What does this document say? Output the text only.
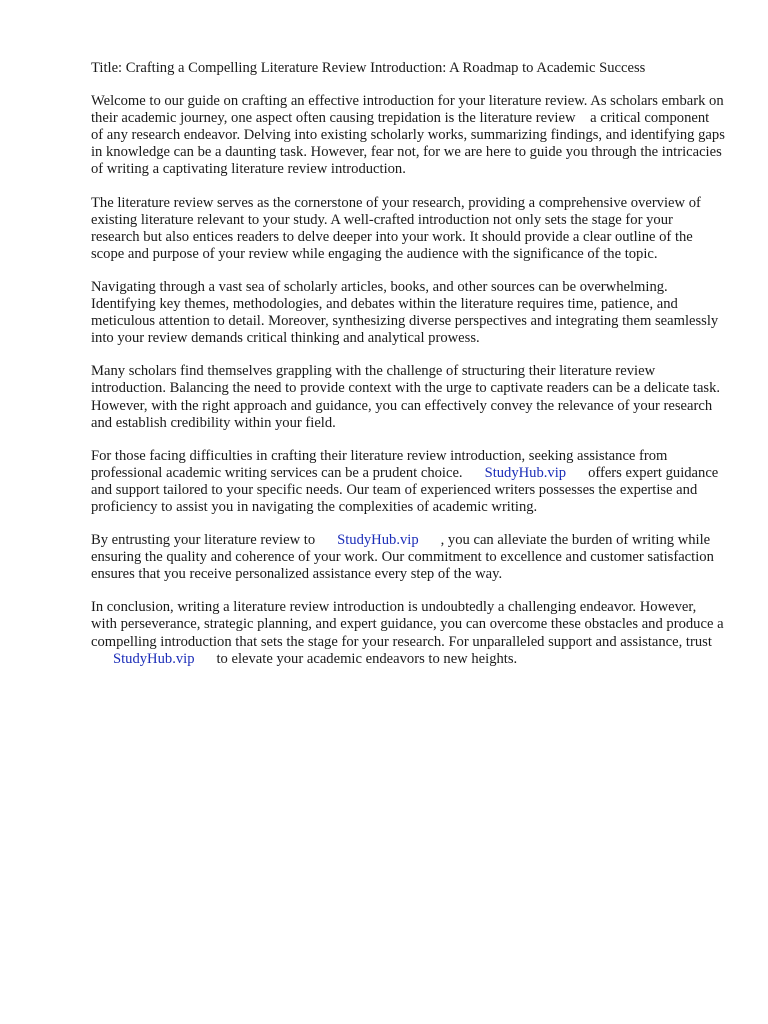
Title: Crafting a Compelling Literature Review Introduction: A Roadmap to Academic Success

Welcome to our guide on crafting an effective introduction for your literature review. As scholars embark on their academic journey, one aspect often causing trepidation is the literature review a critical component of any research endeavor. Delving into existing scholarly works, summarizing findings, and identifying gaps in knowledge can be a daunting task. However, fear not, for we are here to guide you through the intricacies of writing a captivating literature review introduction.

The literature review serves as the cornerstone of your research, providing a comprehensive overview of existing literature relevant to your study. A well-crafted introduction not only sets the stage for your research but also entices readers to delve deeper into your work. It should provide a clear outline of the scope and purpose of your review while engaging the audience with the significance of the topic.

Navigating through a vast sea of scholarly articles, books, and other sources can be overwhelming. Identifying key themes, methodologies, and debates within the literature requires time, patience, and meticulous attention to detail. Moreover, synthesizing diverse perspectives and integrating them seamlessly into your review demands critical thinking and analytical prowess.

Many scholars find themselves grappling with the challenge of structuring their literature review introduction. Balancing the need to provide context with the urge to captivate readers can be a delicate task. However, with the right approach and guidance, you can effectively convey the relevance of your research and establish credibility within your field.

For those facing difficulties in crafting their literature review introduction, seeking assistance from professional academic writing services can be a prudent choice. StudyHub.vip offers expert guidance and support tailored to your specific needs. Our team of experienced writers possesses the expertise and proficiency to assist you in navigating the complexities of academic writing.

By entrusting your literature review to StudyHub.vip , you can alleviate the burden of writing while ensuring the quality and coherence of your work. Our commitment to excellence and customer satisfaction ensures that you receive personalized assistance every step of the way.

In conclusion, writing a literature review introduction is undoubtedly a challenging endeavor. However, with perseverance, strategic planning, and expert guidance, you can overcome these obstacles and produce a compelling introduction that sets the stage for your research. For unparalleled support and assistance, trustStudyHub.vip to elevate your academic endeavors to new heights.
